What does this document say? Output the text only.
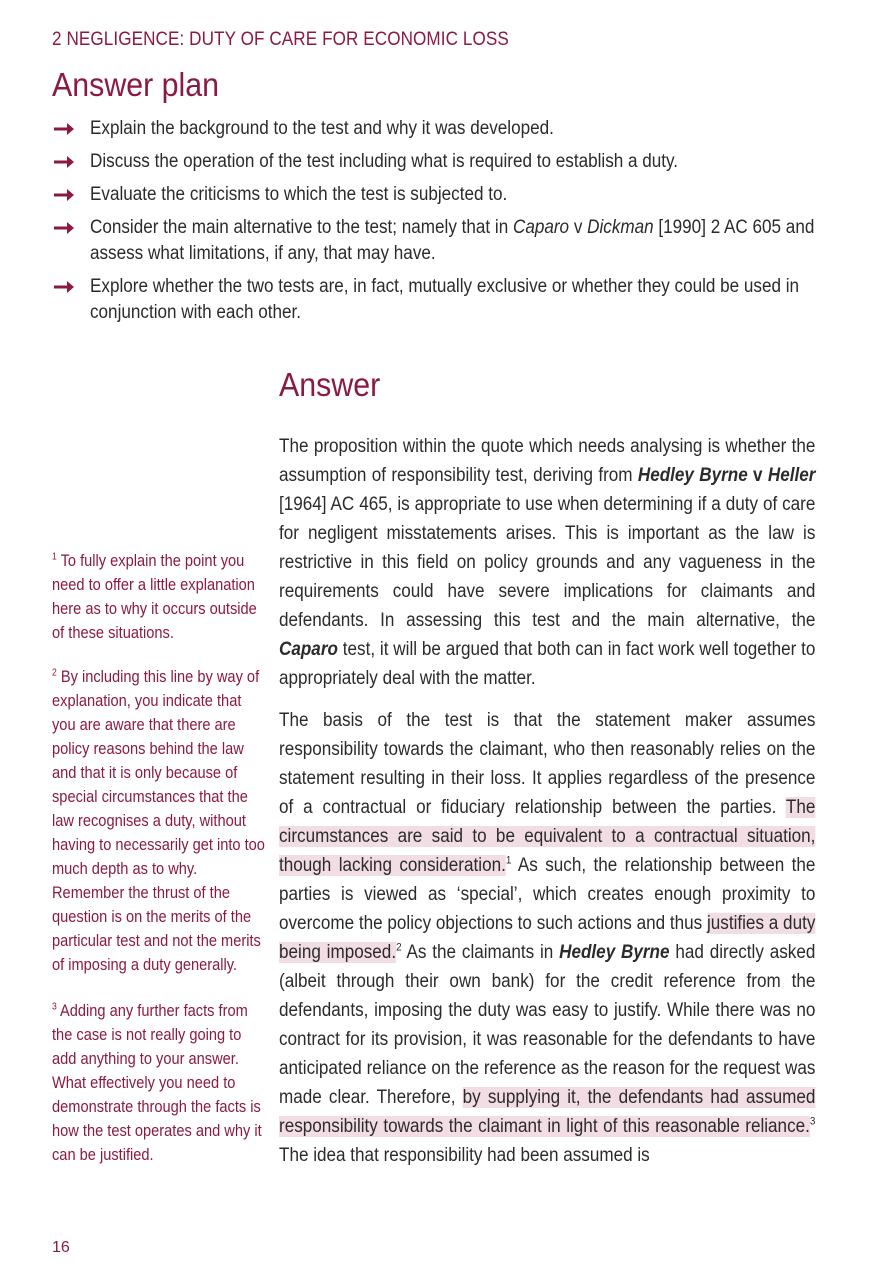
2 NEGLIGENCE: DUTY OF CARE FOR ECONOMIC LOSS
Answer plan
Explain the background to the test and why it was developed.
Discuss the operation of the test including what is required to establish a duty.
Evaluate the criticisms to which the test is subjected to.
Consider the main alternative to the test; namely that in Caparo v Dickman [1990] 2 AC 605 and assess what limitations, if any, that may have.
Explore whether the two tests are, in fact, mutually exclusive or whether they could be used in conjunction with each other.
Answer

The proposition within the quote which needs analysing is whether the assumption of responsibility test, deriving from Hedley Byrne v Heller [1964] AC 465, is appropriate to use when determining if a duty of care for negligent misstatements arises. This is important as the law is restrictive in this field on policy grounds and any vagueness in the requirements could have severe implications for claimants and defendants. In assessing this test and the main alternative, the Caparo test, it will be argued that both can in fact work well together to appropriately deal with the matter.

The basis of the test is that the statement maker assumes responsibility towards the claimant, who then reasonably relies on the statement resulting in their loss. It applies regardless of the presence of a contractual or fiduciary relationship between the parties. The circumstances are said to be equivalent to a contractual situation, though lacking consideration.$^1$ As such, the relationship between the parties is viewed as ‘special’, which creates enough proximity to overcome the policy objections to such actions and thus justifies a duty being imposed.$^2$ As the claimants in Hedley Byrne had directly asked (albeit through their own bank) for the credit reference from the defendants, imposing the duty was easy to justify. While there was no contract for its provision, it was reasonable for the defendants to have anticipated reliance on the reference as the reason for the request was made clear. Therefore, by supplying it, the defendants had assumed responsibility towards the claimant in light of this reasonable reliance.$^3$ The idea that responsibility had been assumed is

$^1$ To fully explain the point you need to offer a little explanation here as to why it occurs outside of these situations.
$^2$ By including this line by way of explanation, you indicate that you are aware that there are policy reasons behind the law and that it is only because of special circumstances that the law recognises a duty, without having to necessarily get into too much depth as to why. Remember the thrust of the question is on the merits of the particular test and not the merits of imposing a duty generally.
$^3$ Adding any further facts from the case is not really going to add anything to your answer. What effectively you need to demonstrate through the facts is how the test operates and why it can be justified.
16
